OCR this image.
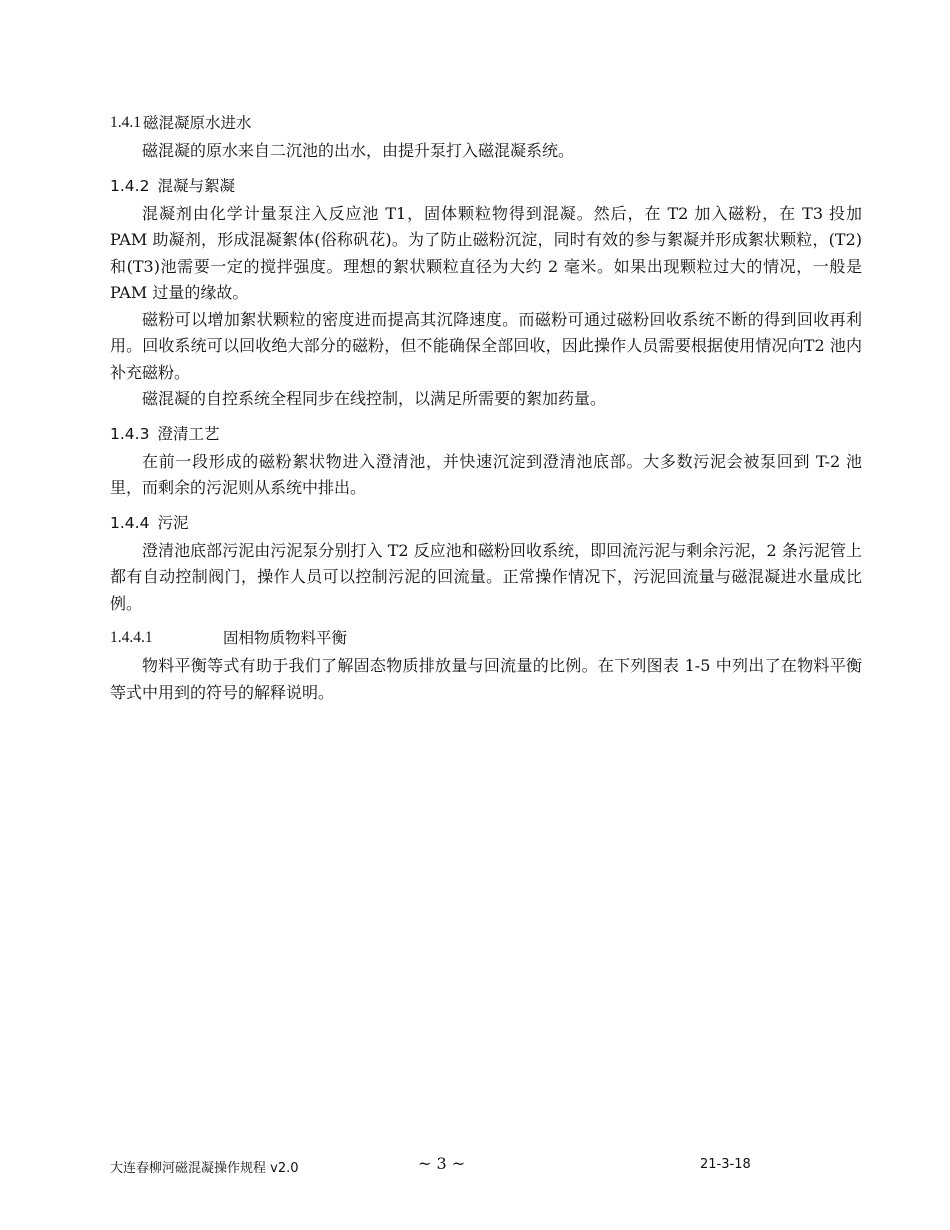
1.4.1 磁混凝原水进水

磁混凝的原水来自二沉池的出水，由提升泵打入磁混凝系统。

1.4.2 混凝与絮凝

混凝剂由化学计量泵注入反应池 T1，固体颗粒物得到混凝。然后，在 T2 加入磁粉，在 T3 投加 PAM 助凝剂，形成混凝絮体(俗称矾花)。为了防止磁粉沉淀，同时有效的参与絮凝并形成絮状颗粒，(T2)和(T3)池需要一定的搅拌强度。理想的絮状颗粒直径为大约 2 毫米。如果出现颗粒过大的情况，一般是 PAM 过量的缘故。

磁粉可以增加絮状颗粒的密度进而提高其沉降速度。而磁粉可通过磁粉回收系统不断的得到回收再利用。回收系统可以回收绝大部分的磁粉，但不能确保全部回收，因此操作人员需要根据使用情况向T2 池内补充磁粉。

磁混凝的自控系统全程同步在线控制，以满足所需要的絮加药量。

1.4.3 澄清工艺

在前一段形成的磁粉絮状物进入澄清池，并快速沉淀到澄清池底部。大多数污泥会被泵回到 T-2 池里，而剩余的污泥则从系统中排出。

1.4.4 污泥

澄清池底部污泥由污泥泵分别打入 T2 反应池和磁粉回收系统，即回流污泥与剩余污泥，2 条污泥管上都有自动控制阀门，操作人员可以控制污泥的回流量。正常操作情况下，污泥回流量与磁混凝进水量成比例。

1.4.4.1	固相物质物料平衡

物料平衡等式有助于我们了解固态物质排放量与回流量的比例。在下列图表 1-5 中列出了在物料平衡等式中用到的符号的解释说明。

大连春柳河磁混凝操作规程 v2.0	~ 3 ~	21-3-18
